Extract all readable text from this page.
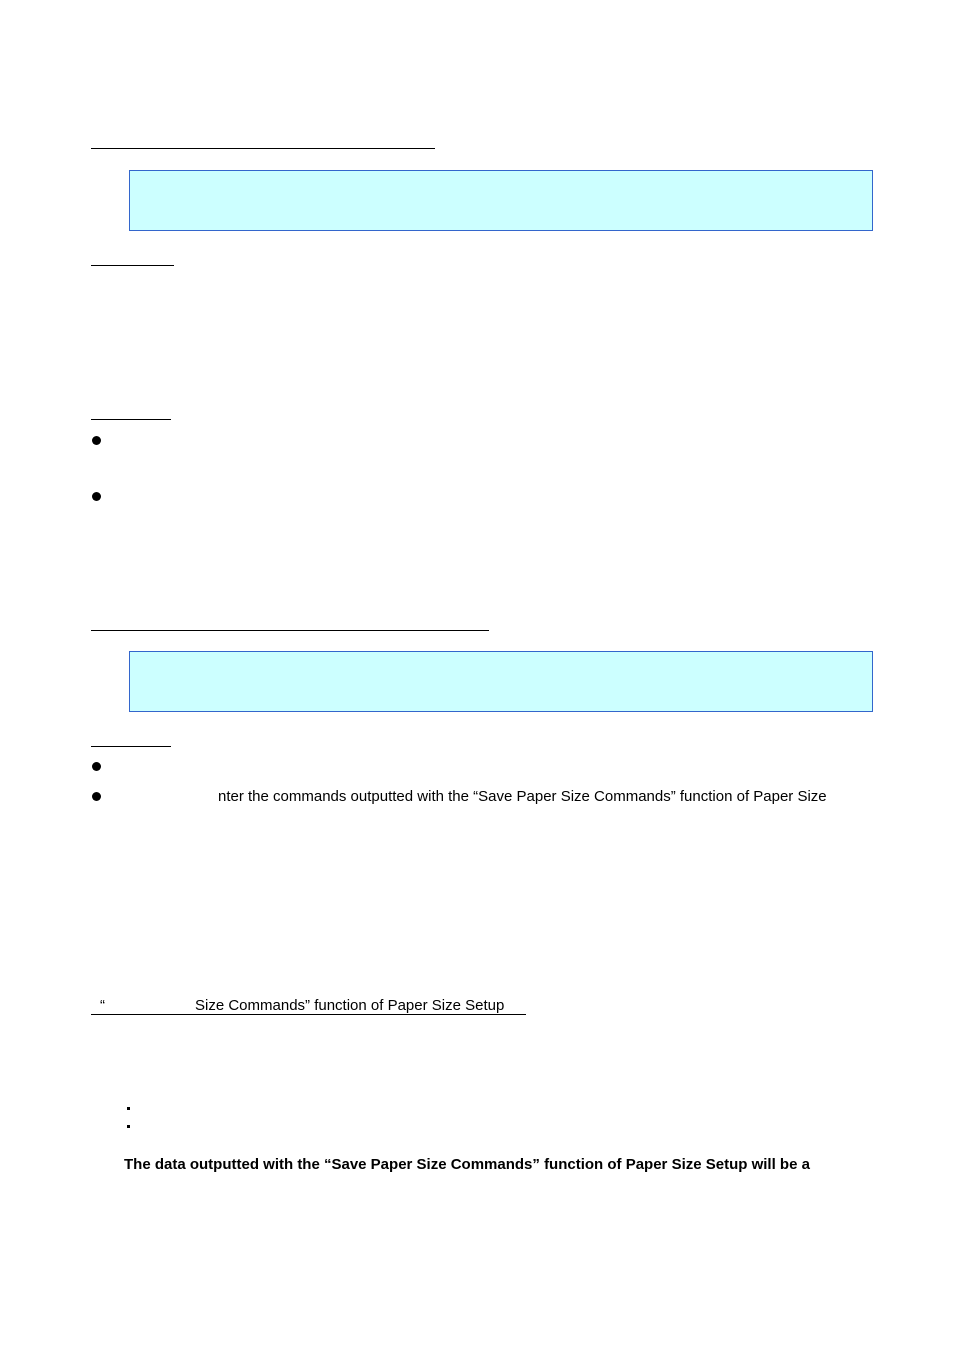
nter the commands outputted with the “Save Paper Size Commands” function of Paper Size
“	Size Commands” function of Paper Size Setup
The data outputted with the “Save Paper Size Commands” function of Paper Size Setup will be a
